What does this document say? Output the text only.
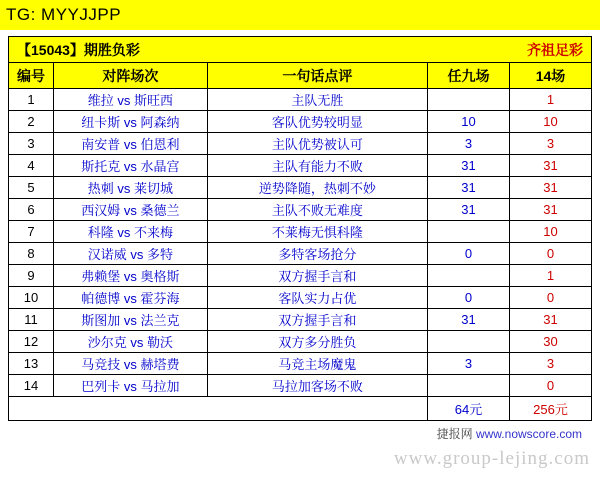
TG: MYYJJPP
【15043】期胜负彩	齐祖足彩
编号	对阵场次	一句话点评	任九场	14场
1	维拉 vs 斯旺西	主队无胜		1
2	纽卡斯 vs 阿森纳	客队优势较明显	10	10
3	南安普 vs 伯恩利	主队优势被认可	3	3
4	斯托克 vs 水晶宫	主队有能力不败	31	31
5	热刺 vs 莱切城	逆势降随，热刺不妙	31	31
6	西汉姆 vs 桑德兰	主队不败无难度	31	31
7	科隆 vs 不来梅	不莱梅无惧科隆		10
8	汉诺威 vs 多特	多特客场抢分	0	0
9	弗赖堡 vs 奥格斯	双方握手言和		1
10	帕德博 vs 霍芬海	客队实力占优	0	0
11	斯图加 vs 法兰克	双方握手言和	31	31
12	沙尔克 vs 勒沃	双方多分胜负		30
13	马竞技 vs 赫塔费	马竞主场魔鬼	3	3
14	巴列卡 vs 马拉加	马拉加客场不败		0
			64元	256元
捷报网 www.nowscore.com
www.group-lejing.com
